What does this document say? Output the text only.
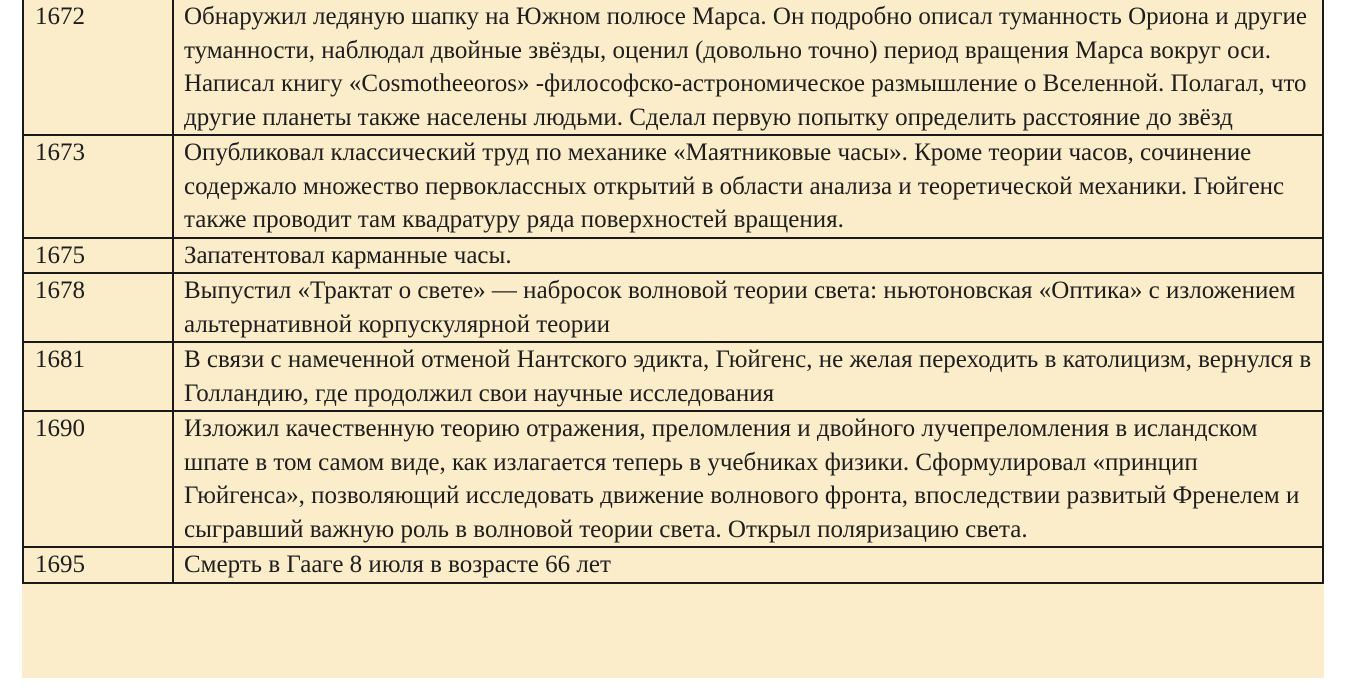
1672	Обнаружил ледяную шапку на Южном полюсе Марса. Он подробно описал туманность Ориона и другие туманности, наблюдал двойные звёзды, оценил (довольно точно) период вращения Марса вокруг оси. Написал книгу «Cosmotheeoros» -философско-астрономическое размышление о Вселенной. Полагал, что другие планеты также населены людьми. Сделал первую попытку определить расстояние до звёзд
1673	Опубликовал классический труд по механике «Маятниковые часы». Кроме теории часов, сочинение содержало множество первоклассных открытий в области анализа и теоретической механики. Гюйгенс также проводит там квадратуру ряда поверхностей вращения.
1675	Запатентовал карманные часы.
1678	Выпустил «Трактат о свете» — набросок волновой теории света: ньютоновская «Оптика» с изложением альтернативной корпускулярной теории
1681	В связи с намеченной отменой Нантского эдикта, Гюйгенс, не желая переходить в католицизм, вернулся в Голландию, где продолжил свои научные исследования
1690	Изложил качественную теорию отражения, преломления и двойного лучепреломления в исландском шпате в том самом виде, как излагается теперь в учебниках физики. Сформулировал «принцип Гюйгенса», позволяющий исследовать движение волнового фронта, впоследствии развитый Френелем и сыгравший важную роль в волновой теории света. Открыл поляризацию света.
1695	Смерть в Гааге 8 июля в возрасте 66 лет
